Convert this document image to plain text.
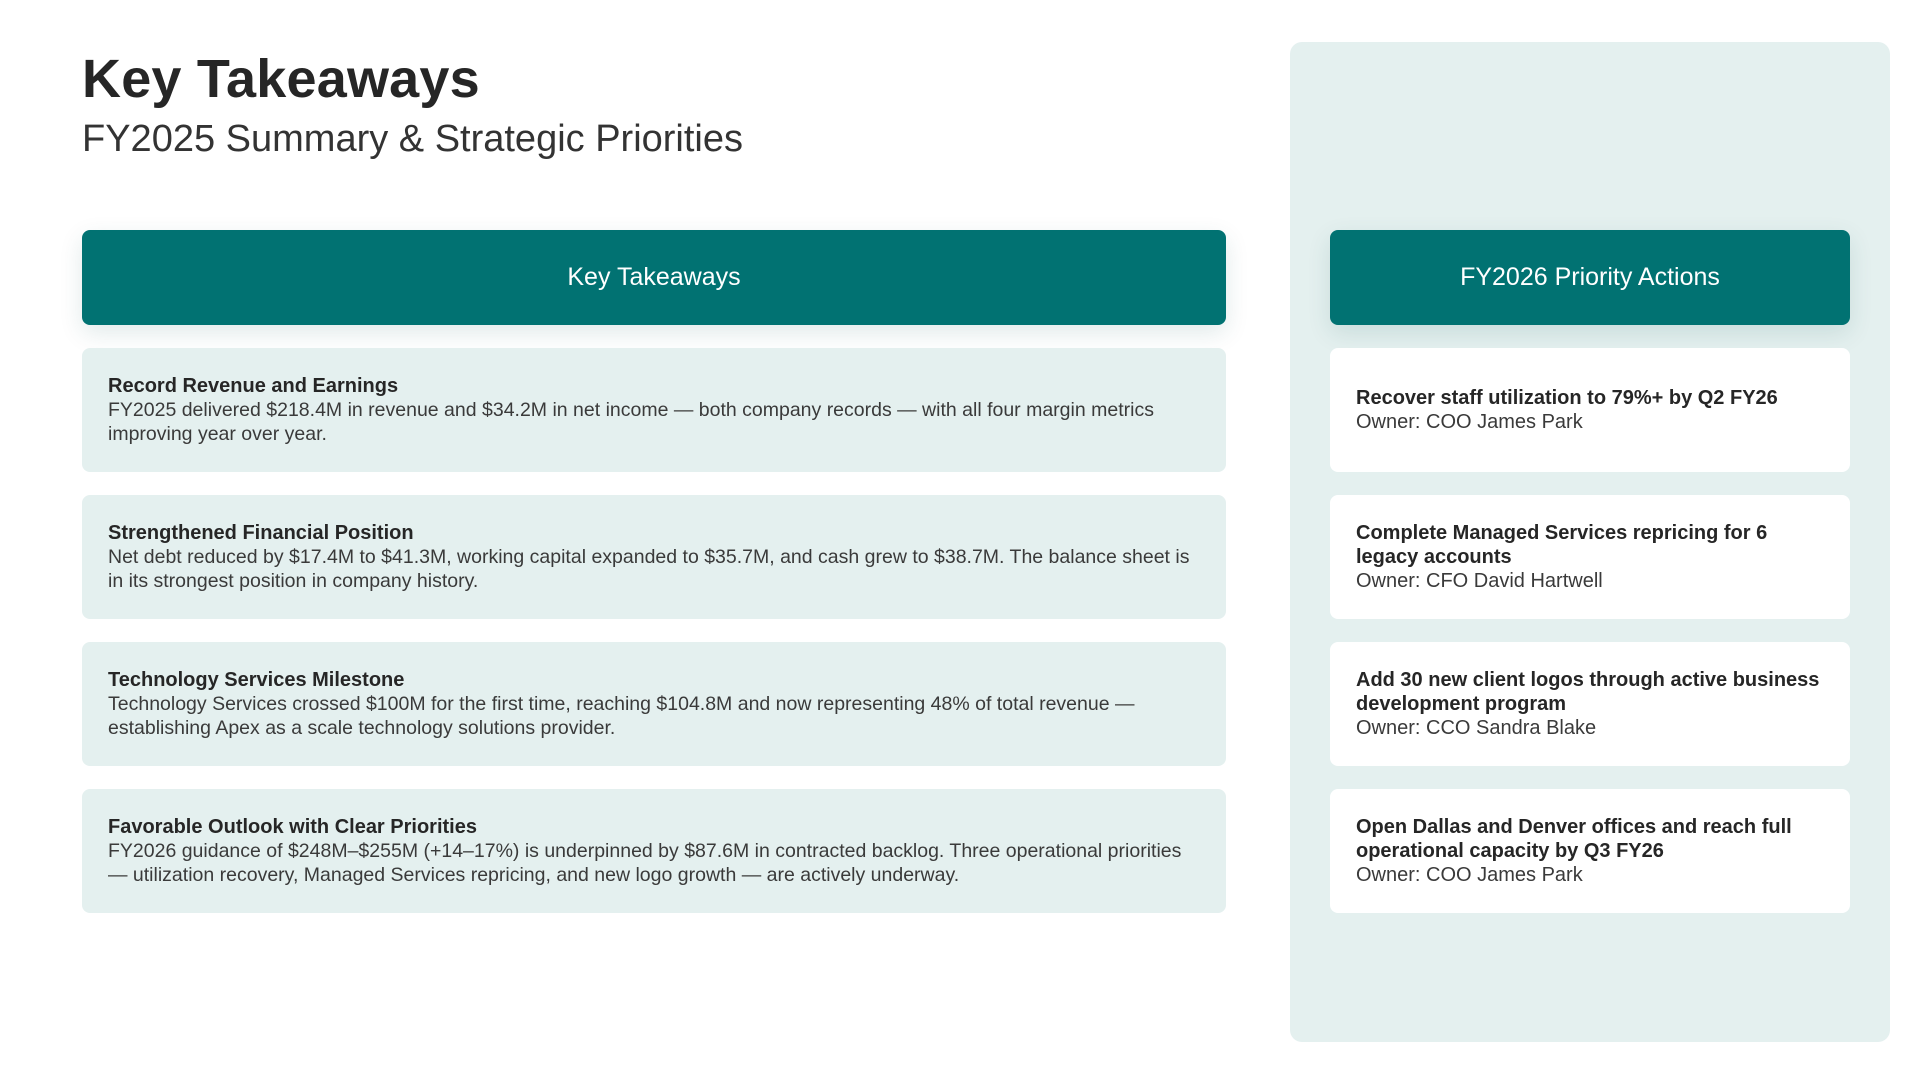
Key Takeaways
FY2025 Summary & Strategic Priorities
Key Takeaways	FY2026 Priority Actions
Record Revenue and Earnings
FY2025 delivered $218.4M in revenue and $34.2M in net income — both company records — with all four margin metrics improving year over year.
Strengthened Financial Position
Net debt reduced by $17.4M to $41.3M, working capital expanded to $35.7M, and cash grew to $38.7M. The balance sheet is in its strongest position in company history.
Technology Services Milestone
Technology Services crossed $100M for the first time, reaching $104.8M and now representing 48% of total revenue — establishing Apex as a scale technology solutions provider.
Favorable Outlook with Clear Priorities
FY2026 guidance of $248M–$255M (+14–17%) is underpinned by $87.6M in contracted backlog. Three operational priorities — utilization recovery, Managed Services repricing, and new logo growth — are actively underway.
Recover staff utilization to 79%+ by Q2 FY26
Owner: COO James Park
Complete Managed Services repricing for 6 legacy accounts
Owner: CFO David Hartwell
Add 30 new client logos through active business development program
Owner: CCO Sandra Blake
Open Dallas and Denver offices and reach full operational capacity by Q3 FY26
Owner: COO James Park
